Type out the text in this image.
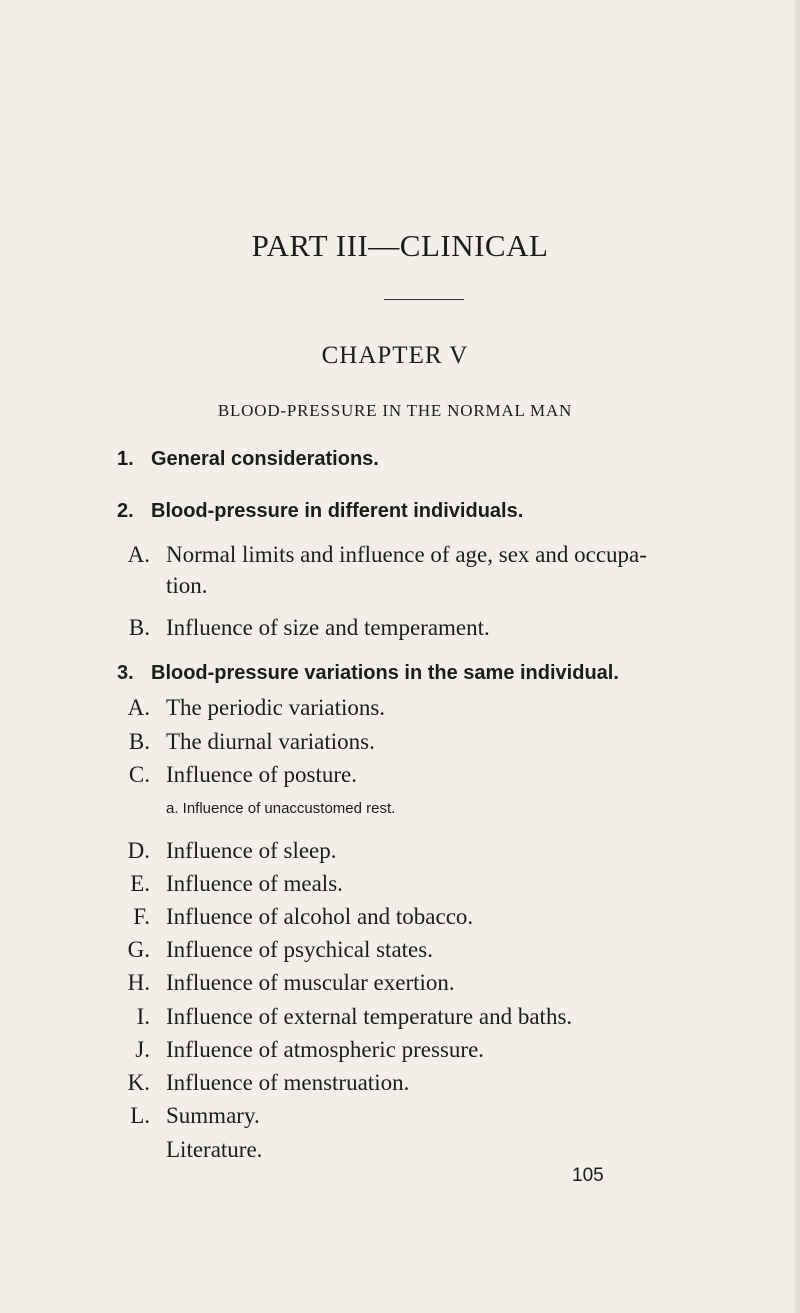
PART III—CLINICAL
CHAPTER V
BLOOD-PRESSURE IN THE NORMAL MAN
1. General considerations.
2. Blood-pressure in different individuals.
A. Normal limits and influence of age, sex and occupa-
tion.
B. Influence of size and temperament.
3. Blood-pressure variations in the same individual.
A. The periodic variations.
B. The diurnal variations.
C. Influence of posture.
a. Influence of unaccustomed rest.
D. Influence of sleep.
E. Influence of meals.
F. Influence of alcohol and tobacco.
G. Influence of psychical states.
H. Influence of muscular exertion.
I. Influence of external temperature and baths.
J. Influence of atmospheric pressure.
K. Influence of menstruation.
L. Summary.
Literature.
105
